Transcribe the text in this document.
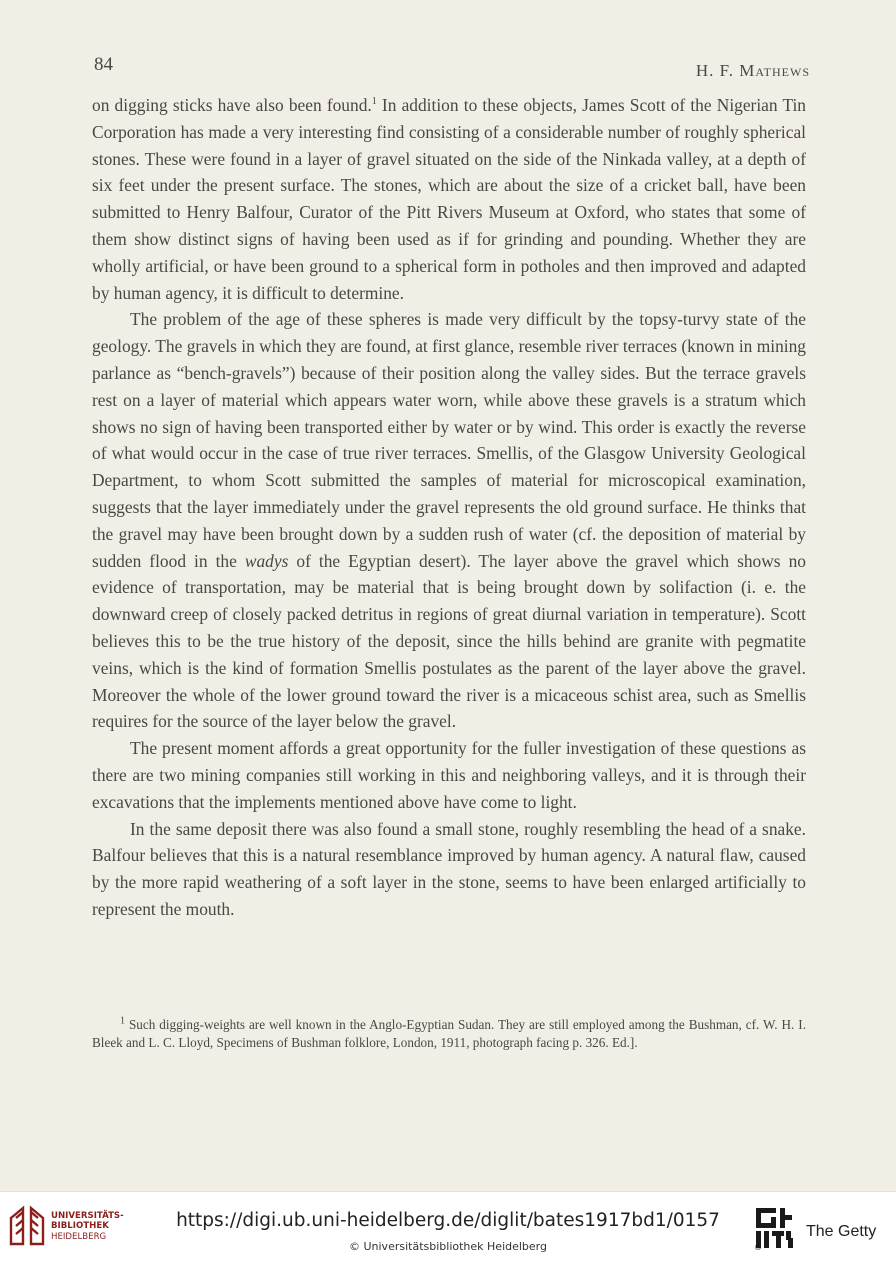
84	H. F. Mathews

on digging sticks have also been found.$^1$ In addition to these objects, James Scott of the Nigerian Tin Corporation has made a very interesting find consisting of a considerable number of roughly spherical stones. These were found in a layer of gravel situated on the side of the Ninkada valley, at a depth of six feet under the present surface. The stones, which are about the size of a cricket ball, have been submitted to Henry Balfour, Curator of the Pitt Rivers Museum at Oxford, who states that some of them show distinct signs of having been used as if for grinding and pounding. Whether they are wholly artificial, or have been ground to a spherical form in potholes and then improved and adapted by human agency, it is difficult to determine.

The problem of the age of these spheres is made very difficult by the topsy-turvy state of the geology. The gravels in which they are found, at first glance, resemble river terraces (known in mining parlance as “bench-gravels”) because of their position along the valley sides. But the terrace gravels rest on a layer of material which appears water worn, while above these gravels is a stratum which shows no sign of having been transported either by water or by wind. This order is exactly the reverse of what would occur in the case of true river terraces. Smellis, of the Glasgow University Geological Department, to whom Scott submitted the samples of material for microscopical examination, suggests that the layer immediately under the gravel represents the old ground surface. He thinks that the gravel may have been brought down by a sudden rush of water (cf. the deposition of material by sudden flood in the wadys of the Egyptian desert). The layer above the gravel which shows no evidence of transportation, may be material that is being brought down by solifaction (i. e. the downward creep of closely packed detritus in regions of great diurnal variation in temperature). Scott believes this to be the true history of the deposit, since the hills behind are granite with pegmatite veins, which is the kind of formation Smellis postulates as the parent of the layer above the gravel. Moreover the whole of the lower ground toward the river is a micaceous schist area, such as Smellis requires for the source of the layer below the gravel.

The present moment affords a great opportunity for the fuller investigation of these questions as there are two mining companies still working in this and neighboring valleys, and it is through their excavations that the implements mentioned above have come to light.

In the same deposit there was also found a small stone, roughly resembling the head of a snake. Balfour believes that this is a natural resemblance improved by human agency. A natural flaw, caused by the more rapid weathering of a soft layer in the stone, seems to have been enlarged artificially to represent the mouth.

$^1$ Such digging-weights are well known in the Anglo-Egyptian Sudan. They are still employed among the Bushman, cf. W. H. I. Bleek and L. C. Lloyd, Specimens of Bushman folklore, London, 1911, photograph facing p. 326. Ed.].

UNIVERSITÄTS-
BIBLIOTHEK
HEIDELBERG
https://digi.ub.uni-heidelberg.de/diglit/bates1917bd1/0157
© Universitätsbibliothek Heidelberg	®
The Getty
